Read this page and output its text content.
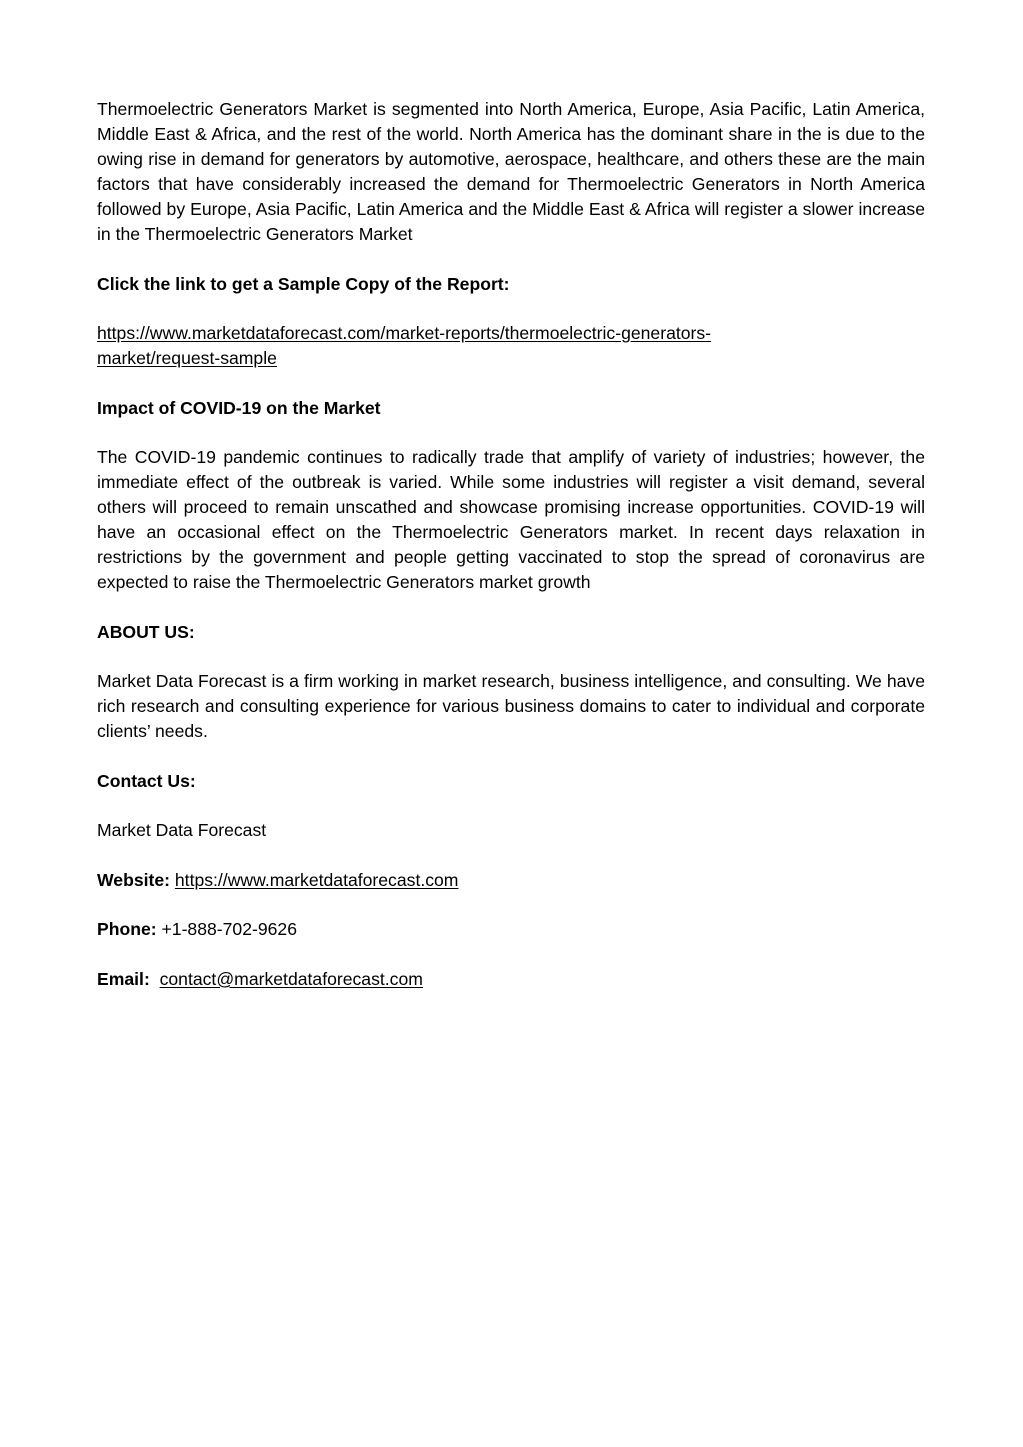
Thermoelectric Generators Market is segmented into North America, Europe, Asia Pacific, Latin America, Middle East & Africa, and the rest of the world. North America has the dominant share in the is due to the owing rise in demand for generators by automotive, aerospace, healthcare, and others these are the main factors that have considerably increased the demand for Thermoelectric Generators in North America followed by Europe, Asia Pacific, Latin America and the Middle East & Africa will register a slower increase in the Thermoelectric Generators Market

Click the link to get a Sample Copy of the Report:

https://www.marketdataforecast.com/market-reports/thermoelectric-generators-
market/request-sample

Impact of COVID-19 on the Market

The COVID-19 pandemic continues to radically trade that amplify of variety of industries; however, the immediate effect of the outbreak is varied. While some industries will register a visit demand, several others will proceed to remain unscathed and showcase promising increase opportunities. COVID-19 will have an occasional effect on the Thermoelectric Generators market. In recent days relaxation in restrictions by the government and people getting vaccinated to stop the spread of coronavirus are expected to raise the Thermoelectric Generators market growth

ABOUT US:

Market Data Forecast is a firm working in market research, business intelligence, and consulting. We have rich research and consulting experience for various business domains to cater to individual and corporate clients’ needs.

Contact Us:

Market Data Forecast

Website: https://www.marketdataforecast.com

Phone: +1-888-702-9626

Email: contact@marketdataforecast.com
